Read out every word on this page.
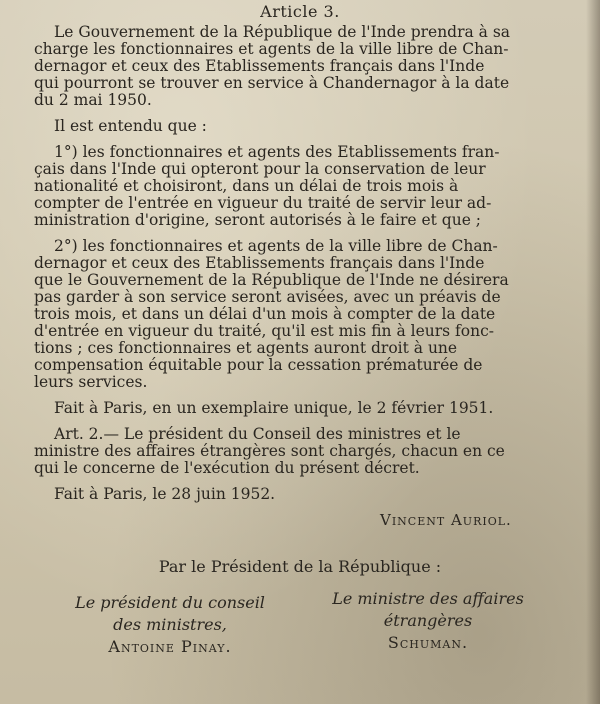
Article 3.
Le Gouvernement de la République de l'Inde prendra à sa
charge les fonctionnaires et agents de la ville libre de Chan-
dernagor et ceux des Etablissements français dans l'Inde
qui pourront se trouver en service à Chandernagor à la date
du 2 mai 1950.
Il est entendu que :
1°) les fonctionnaires et agents des Etablissements fran-
çais dans l'Inde qui opteront pour la conservation de leur
nationalité et choisiront, dans un délai de trois mois à
compter de l'entrée en vigueur du traité de servir leur ad-
ministration d'origine, seront autorisés à le faire et que ;
2°) les fonctionnaires et agents de la ville libre de Chan-
dernagor et ceux des Etablissements français dans l'Inde
que le Gouvernement de la République de l'Inde ne désirera
pas garder à son service seront avisées, avec un préavis de
trois mois, et dans un délai d'un mois à compter de la date
d'entrée en vigueur du traité, qu'il est mis fin à leurs fonc-
tions ; ces fonctionnaires et agents auront droit à une
compensation équitable pour la cessation prématurée de
leurs services.
Fait à Paris, en un exemplaire unique, le 2 février 1951.
Art. 2.— Le président du Conseil des ministres et le
ministre des affaires étrangères sont chargés, chacun en ce
qui le concerne de l'exécution du présent décret.
Fait à Paris, le 28 juin 1952.
Vincent Auriol.
Par le Président de la République :
Le président du conseil
des ministres,
Antoine Pinay.
Le ministre des affaires
étrangères
Schuman.
